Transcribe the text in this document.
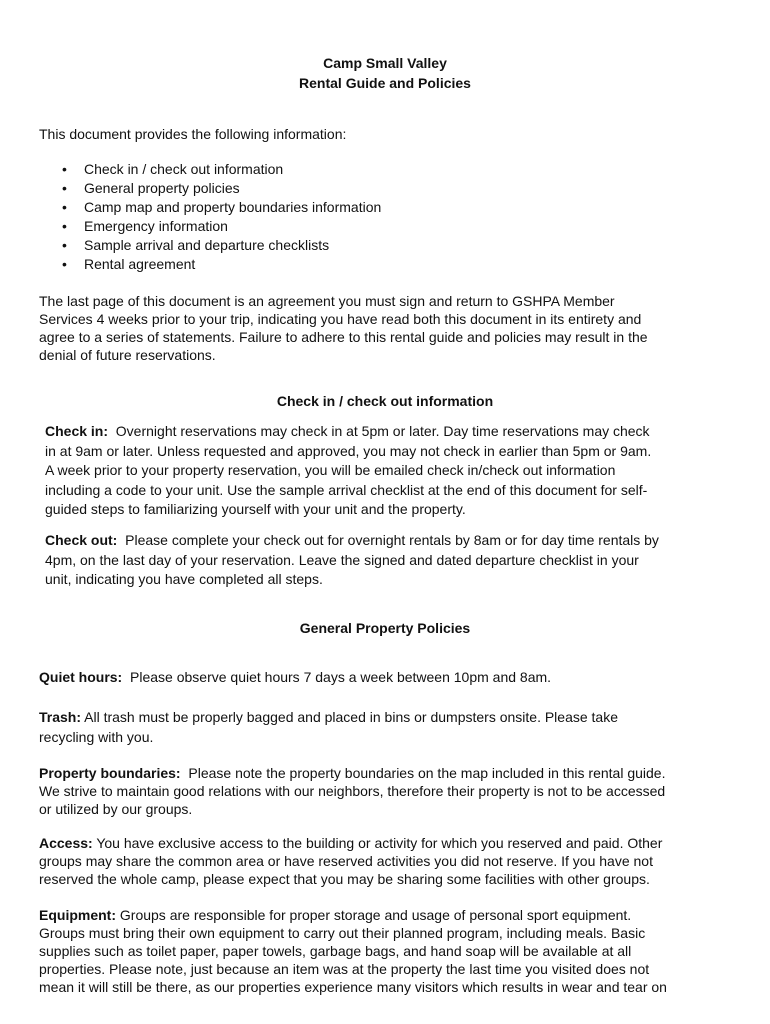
Camp Small Valley
Rental Guide and Policies
This document provides the following information:
• Check in / check out information
• General property policies
• Camp map and property boundaries information
• Emergency information
• Sample arrival and departure checklists
• Rental agreement
The last page of this document is an agreement you must sign and return to GSHPA Member
Services 4 weeks prior to your trip, indicating you have read both this document in its entirety and
agree to a series of statements. Failure to adhere to this rental guide and policies may result in the
denial of future reservations.
Check in / check out information
Check in: Overnight reservations may check in at 5pm or later. Day time reservations may check
in at 9am or later. Unless requested and approved, you may not check in earlier than 5pm or 9am.
A week prior to your property reservation, you will be emailed check in/check out information
including a code to your unit. Use the sample arrival checklist at the end of this document for self-
guided steps to familiarizing yourself with your unit and the property.
Check out: Please complete your check out for overnight rentals by 8am or for day time rentals by
4pm, on the last day of your reservation. Leave the signed and dated departure checklist in your
unit, indicating you have completed all steps.
General Property Policies
Quiet hours: Please observe quiet hours 7 days a week between 10pm and 8am.
Trash: All trash must be properly bagged and placed in bins or dumpsters onsite. Please take
recycling with you.
Property boundaries: Please note the property boundaries on the map included in this rental guide.
We strive to maintain good relations with our neighbors, therefore their property is not to be accessed
or utilized by our groups.
Access: You have exclusive access to the building or activity for which you reserved and paid. Other
groups may share the common area or have reserved activities you did not reserve. If you have not
reserved the whole camp, please expect that you may be sharing some facilities with other groups.
Equipment: Groups are responsible for proper storage and usage of personal sport equipment.
Groups must bring their own equipment to carry out their planned program, including meals. Basic
supplies such as toilet paper, paper towels, garbage bags, and hand soap will be available at all
properties. Please note, just because an item was at the property the last time you visited does not
mean it will still be there, as our properties experience many visitors which results in wear and tear on
